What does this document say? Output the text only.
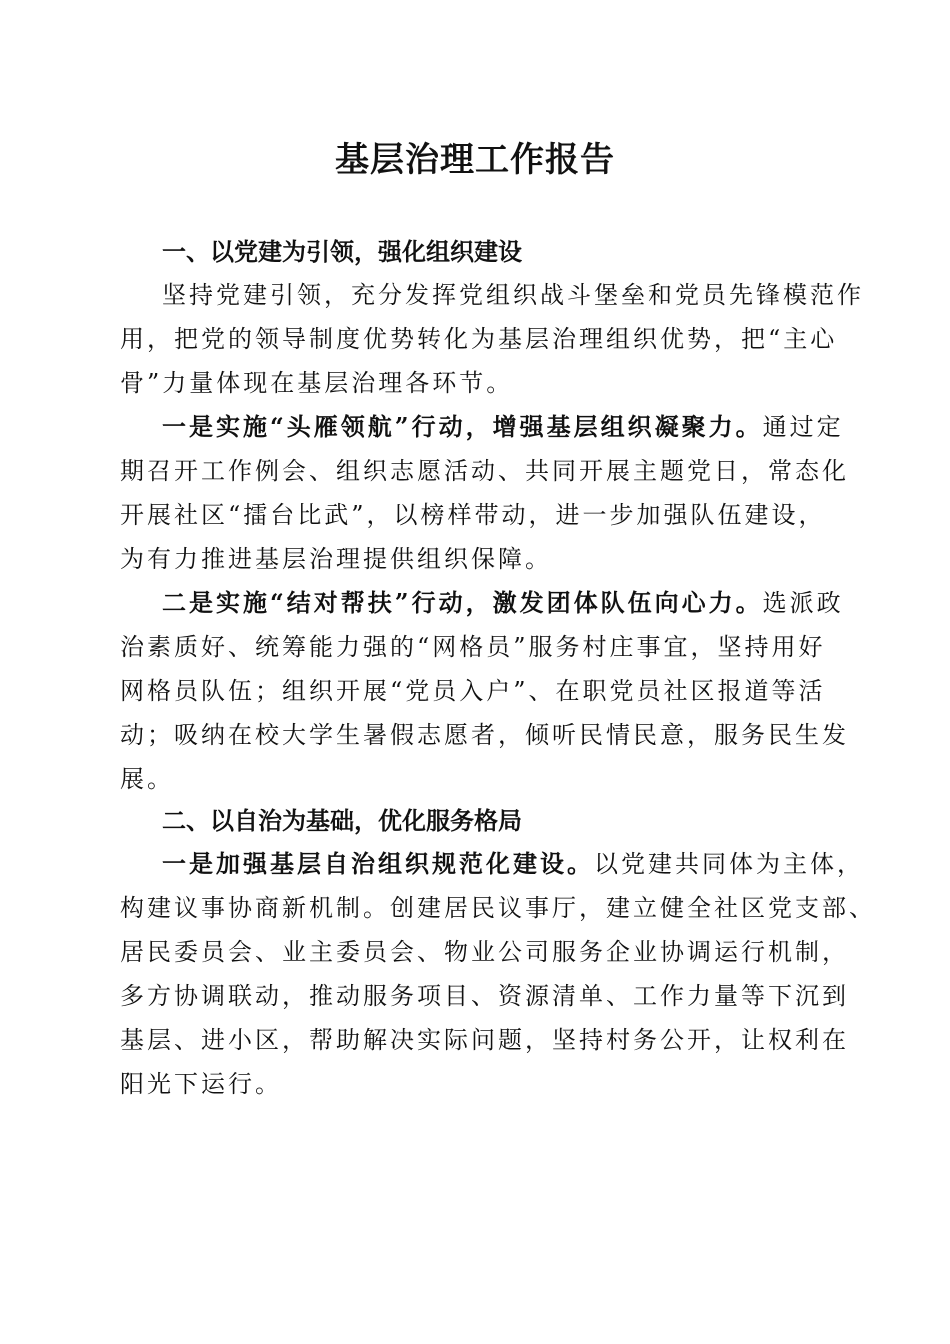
基层治理工作报告
一、以党建为引领，强化组织建设

坚持党建引领，充分发挥党组织战斗堡垒和党员先锋模范作
用，把党的领导制度优势转化为基层治理组织优势，把“主心
骨”力量体现在基层治理各环节。

一是实施“头雁领航”行动，增强基层组织凝聚力。通过定
期召开工作例会、组织志愿活动、共同开展主题党日，常态化
开展社区“擂台比武”，以榜样带动，进一步加强队伍建设，
为有力推进基层治理提供组织保障。

二是实施“结对帮扶”行动，激发团体队伍向心力。选派政
治素质好、统筹能力强的“网格员”服务村庄事宜，坚持用好
网格员队伍；组织开展“党员入户”、在职党员社区报道等活
动；吸纳在校大学生暑假志愿者，倾听民情民意，服务民生发
展。

二、以自治为基础，优化服务格局

一是加强基层自治组织规范化建设。以党建共同体为主体，
构建议事协商新机制。创建居民议事厅，建立健全社区党支部、
居民委员会、业主委员会、物业公司服务企业协调运行机制，
多方协调联动，推动服务项目、资源清单、工作力量等下沉到
基层、进小区，帮助解决实际问题，坚持村务公开，让权利在
阳光下运行。
